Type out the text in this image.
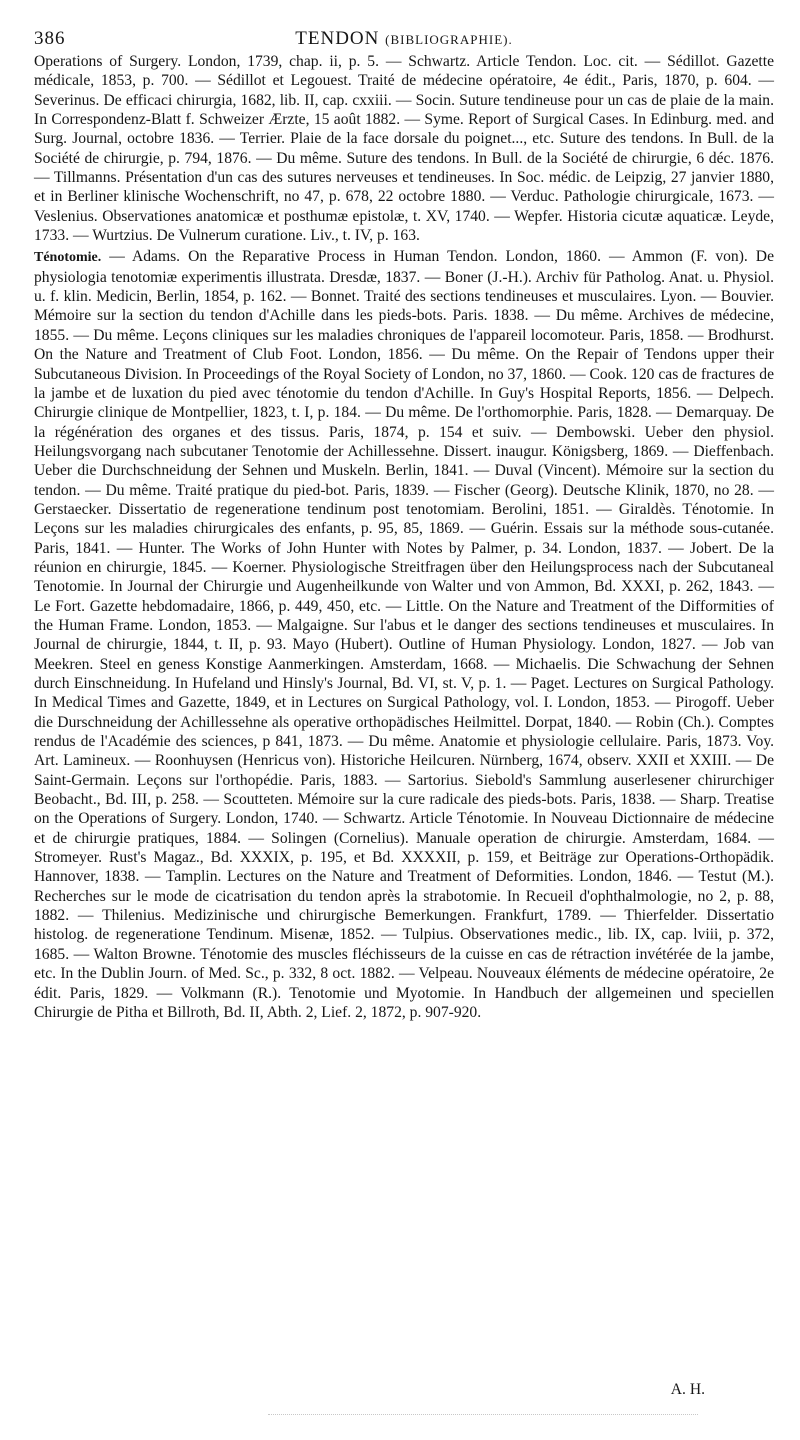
386	TENDON (BIBLIOGRAPHIE).

Operations of Surgery. London, 1739, chap. ii, p. 5. — Schwartz. Article Tendon. Loc. cit. — Sédillot. Gazette médicale, 1853, p. 700. — Sédillot et Legouest. Traité de médecine opératoire, 4e édit., Paris, 1870, p. 604. — Severinus. De efficaci chirurgia, 1682, lib. II, cap. cxxiii. — Socin. Suture tendineuse pour un cas de plaie de la main. In Correspondenz-Blatt f. Schweizer Ærzte, 15 août 1882. — Syme. Report of Surgical Cases. In Edinburg. med. and Surg. Journal, octobre 1836. — Terrier. Plaie de la face dorsale du poignet..., etc. Suture des tendons. In Bull. de la Société de chirurgie, p. 794, 1876. — Du même. Suture des tendons. In Bull. de la Société de chirurgie, 6 déc. 1876. — Tillmanns. Présentation d'un cas des sutures nerveuses et tendineuses. In Soc. médic. de Leipzig, 27 janvier 1880, et in Berliner klinische Wochenschrift, no 47, p. 678, 22 octobre 1880. — Verduc. Pathologie chirurgicale, 1673. — Veslenius. Observationes anatomicæ et posthumæ epistolæ, t. XV, 1740. — Wepfer. Historia cicutæ aquaticæ. Leyde, 1733. — Wurtzius. De Vulnerum curatione. Liv., t. IV, p. 163.

Ténotomie. — Adams. On the Reparative Process in Human Tendon. London, 1860. — Ammon (F. von). De physiologia tenotomiæ experimentis illustrata. Dresdæ, 1837. — Boner (J.-H.). Archiv für Patholog. Anat. u. Physiol. u. f. klin. Medicin, Berlin, 1854, p. 162. — Bonnet. Traité des sections tendineuses et musculaires. Lyon. — Bouvier. Mémoire sur la section du tendon d'Achille dans les pieds-bots. Paris. 1838. — Du même. Archives de médecine, 1855. — Du même. Leçons cliniques sur les maladies chroniques de l'appareil locomoteur. Paris, 1858. — Brodhurst. On the Nature and Treatment of Club Foot. London, 1856. — Du même. On the Repair of Tendons upper their Subcutaneous Division. In Proceedings of the Royal Society of London, no 37, 1860. — Cook. 120 cas de fractures de la jambe et de luxation du pied avec ténotomie du tendon d'Achille. In Guy's Hospital Reports, 1856. — Delpech. Chirurgie clinique de Montpellier, 1823, t. I, p. 184. — Du même. De l'orthomorphie. Paris, 1828. — Demarquay. De la régénération des organes et des tissus. Paris, 1874, p. 154 et suiv. — Dembowski. Ueber den physiol. Heilungsvorgang nach subcutaner Tenotomie der Achillessehne. Dissert. inaugur. Königsberg, 1869. — Dieffenbach. Ueber die Durchschneidung der Sehnen und Muskeln. Berlin, 1841. — Duval (Vincent). Mémoire sur la section du tendon. — Du même. Traité pratique du pied-bot. Paris, 1839. — Fischer (Georg). Deutsche Klinik, 1870, no 28. — Gerstaecker. Dissertatio de regeneratione tendinum post tenotomiam. Berolini, 1851. — Giraldès. Ténotomie. In Leçons sur les maladies chirurgicales des enfants, p. 95, 85, 1869. — Guérin. Essais sur la méthode sous-cutanée. Paris, 1841. — Hunter. The Works of John Hunter with Notes by Palmer, p. 34. London, 1837. — Jobert. De la réunion en chirurgie, 1845. — Koerner. Physiologische Streitfragen über den Heilungsprocess nach der Subcutaneal Tenotomie. In Journal der Chirurgie und Augenheilkunde von Walter und von Ammon, Bd. XXXI, p. 262, 1843. — Le Fort. Gazette hebdomadaire, 1866, p. 449, 450, etc. — Little. On the Nature and Treatment of the Difformities of the Human Frame. London, 1853. — Malgaigne. Sur l'abus et le danger des sections tendineuses et musculaires. In Journal de chirurgie, 1844, t. II, p. 93. Mayo (Hubert). Outline of Human Physiology. London, 1827. — Job van Meekren. Steel en geness Konstige Aanmerkingen. Amsterdam, 1668. — Michaelis. Die Schwachung der Sehnen durch Einschneidung. In Hufeland und Hinsly's Journal, Bd. VI, st. V, p. 1. — Paget. Lectures on Surgical Pathology. In Medical Times and Gazette, 1849, et in Lectures on Surgical Pathology, vol. I. London, 1853. — Pirogoff. Ueber die Durschneidung der Achillessehne als operative orthopädisches Heilmittel. Dorpat, 1840. — Robin (Ch.). Comptes rendus de l'Académie des sciences, p 841, 1873. — Du même. Anatomie et physiologie cellulaire. Paris, 1873. Voy. Art. Lamineux. — Roonhuysen (Henricus von). Historiche Heilcuren. Nürnberg, 1674, observ. XXII et XXIII. — De Saint-Germain. Leçons sur l'orthopédie. Paris, 1883. — Sartorius. Siebold's Sammlung auserlesener chirurchiger Beobacht., Bd. III, p. 258. — Scoutteten. Mémoire sur la cure radicale des pieds-bots. Paris, 1838. — Sharp. Treatise on the Operations of Surgery. London, 1740. — Schwartz. Article Ténotomie. In Nouveau Dictionnaire de médecine et de chirurgie pratiques, 1884. — Solingen (Cornelius). Manuale operation de chirurgie. Amsterdam, 1684. — Stromeyer. Rust's Magaz., Bd. XXXIX, p. 195, et Bd. XXXXII, p. 159, et Beiträge zur Operations-Orthopädik. Hannover, 1838. — Tamplin. Lectures on the Nature and Treatment of Deformities. London, 1846. — Testut (M.). Recherches sur le mode de cicatrisation du tendon après la strabotomie. In Recueil d'ophthalmologie, no 2, p. 88, 1882. — Thilenius. Medizinische und chirurgische Bemerkungen. Frankfurt, 1789. — Thierfelder. Dissertatio histolog. de regeneratione Tendinum. Misenæ, 1852. — Tulpius. Observationes medic., lib. IX, cap. lviii, p. 372, 1685. — Walton Browne. Ténotomie des muscles fléchisseurs de la cuisse en cas de rétraction invétérée de la jambe, etc. In the Dublin Journ. of Med. Sc., p. 332, 8 oct. 1882. — Velpeau. Nouveaux éléments de médecine opératoire, 2e édit. Paris, 1829. — Volkmann (R.). Tenotomie und Myotomie. In Handbuch der allgemeinen und speciellen Chirurgie de Pitha et Billroth, Bd. II, Abth. 2, Lief. 2, 1872, p. 907-920.

A. H.
